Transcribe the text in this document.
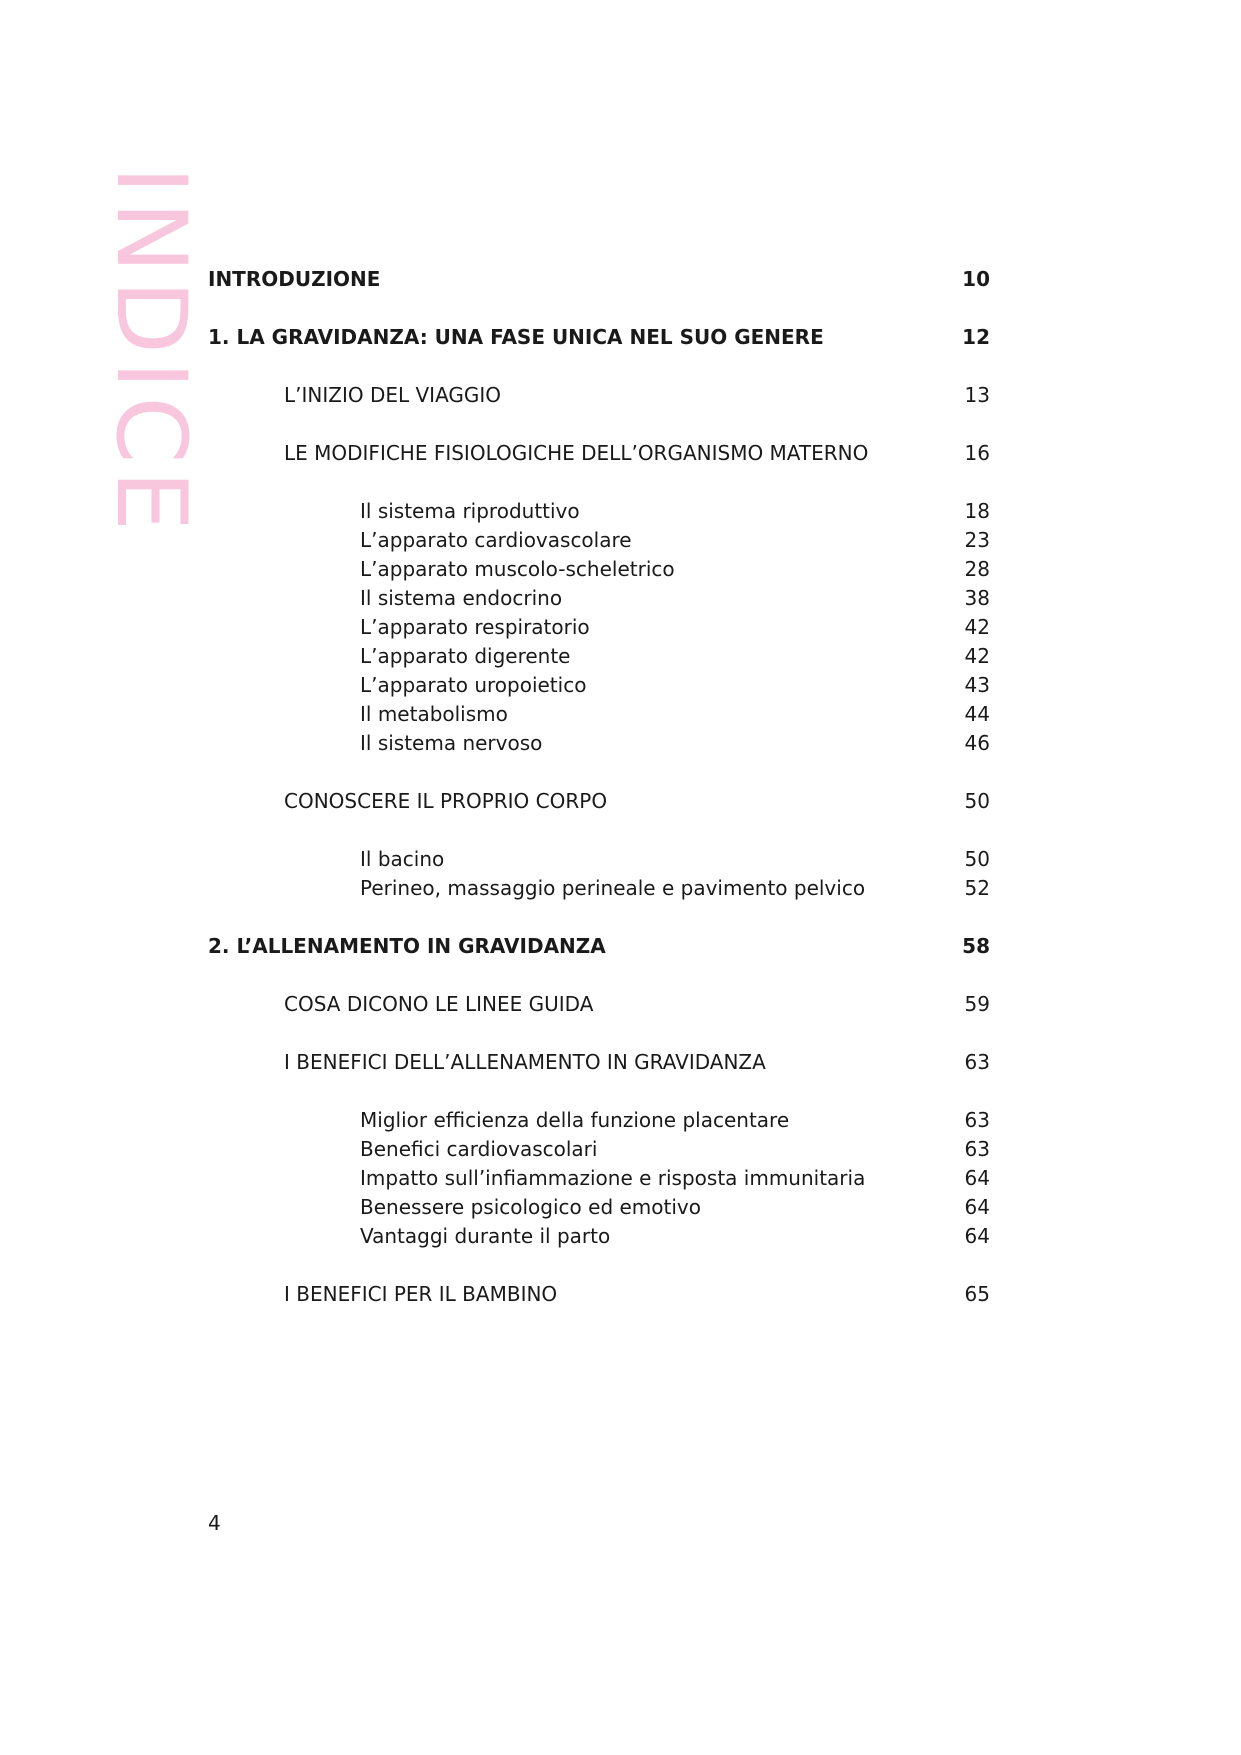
INDICE INTRODUZIONE	10
1. LA GRAVIDANZA: UNA FASE UNICA NEL SUO GENERE	12
L’INIZIO DEL VIAGGIO	13
LE MODIFICHE FISIOLOGICHE DELL’ORGANISMO MATERNO	16
Il sistema riproduttivo	18
L’apparato cardiovascolare	23
L’apparato muscolo-scheletrico	28
Il sistema endocrino	38
L’apparato respiratorio	42
L’apparato digerente	42
L’apparato uropoietico	43
Il metabolismo	44
Il sistema nervoso	46
CONOSCERE IL PROPRIO CORPO	50
Il bacino	50
Perineo, massaggio perineale e pavimento pelvico	52
2. L’ALLENAMENTO IN GRAVIDANZA	58
COSA DICONO LE LINEE GUIDA	59
I BENEFICI DELL’ALLENAMENTO IN GRAVIDANZA	63
Miglior efficienza della funzione placentare	63
Benefici cardiovascolari	63
Impatto sull’infiammazione e risposta immunitaria	64
Benessere psicologico ed emotivo	64
Vantaggi durante il parto	64
I BENEFICI PER IL BAMBINO	65
4
